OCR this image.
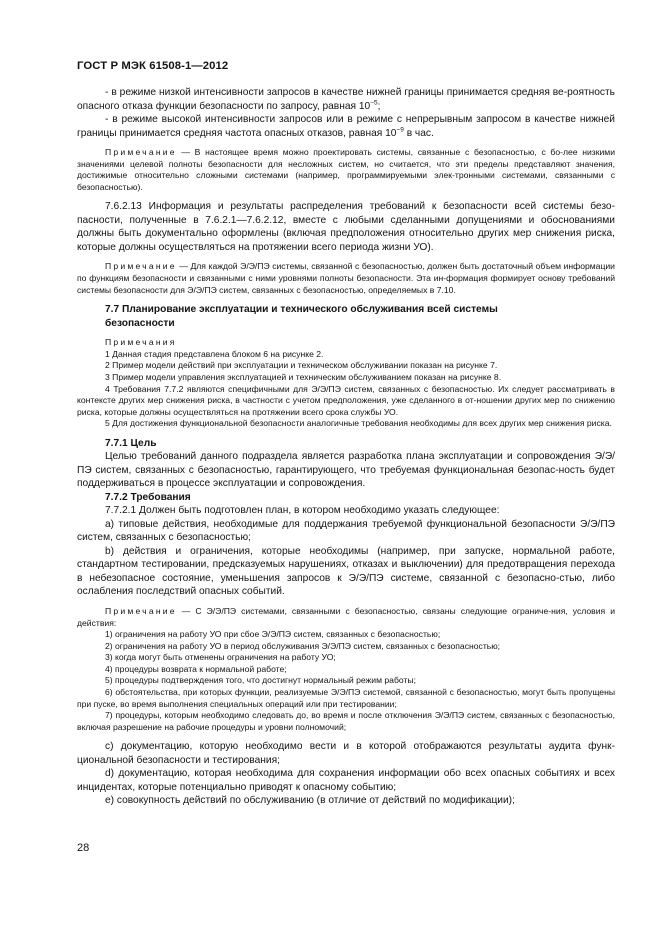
ГОСТ Р МЭК 61508-1—2012

- в режиме низкой интенсивности запросов в качестве нижней границы принимается средняя ве-роятность опасного отказа функции безопасности по запросу, равная $10^{-5}$;

- в режиме высокой интенсивности запросов или в режиме с непрерывным запросом в качестве нижней границы принимается средняя частота опасных отказов, равная $10^{-9}$ в час.

Примечание — В настоящее время можно проектировать системы, связанные с безопасностью, с бо-лее низкими значениями целевой полноты безопасности для несложных систем, но считается, что эти пределы представляют значения, достижимые относительно сложными системами (например, программируемыми элек-тронными системами, связанными с безопасностью).

7.6.2.13 Информация и результаты распределения требований к безопасности всей системы безо-пасности, полученные в 7.6.2.1—7.6.2.12, вместе с любыми сделанными допущениями и обоснованиями должны быть документально оформлены (включая предположения относительно других мер снижения риска, которые должны осуществляться на протяжении всего периода жизни УО).

Примечание — Для каждой Э/Э/ПЭ системы, связанной с безопасностью, должен быть достаточный объем информации по функциям безопасности и связанными с ними уровнями полноты безопасности. Эта ин-формация формирует основу требований системы безопасности для Э/Э/ПЭ систем, связанных с безопасностью, определяемых в 7.10.

7.7 Планирование эксплуатации и технического обслуживания всей системы

безопасности

Примечания

1 Данная стадия представлена блоком 6 на рисунке 2.

2 Пример модели действий при эксплуатации и техническом обслуживании показан на рисунке 7.

3 Пример модели управления эксплуатацией и техническим обслуживанием показан на рисунке 8.

4 Требования 7.7.2 являются специфичными для Э/Э/ПЭ систем, связанных с безопасностью. Их следует рассматривать в контексте других мер снижения риска, в частности с учетом предположения, уже сделанного в от-ношении других мер по снижению риска, которые должны осуществляться на протяжении всего срока службы УО.

5 Для достижения функциональной безопасности аналогичные требования необходимы для всех других мер снижения риска.

7.7.1 Цель

Целью требований данного подраздела является разработка плана эксплуатации и сопровождения Э/Э/ПЭ систем, связанных с безопасностью, гарантирующего, что требуемая функциональная безопас-ность будет поддерживаться в процессе эксплуатации и сопровождения.

7.7.2 Требования

7.7.2.1 Должен быть подготовлен план, в котором необходимо указать следующее:

a) типовые действия, необходимые для поддержания требуемой функциональной безопасности Э/Э/ПЭ систем, связанных с безопасностью;

b) действия и ограничения, которые необходимы (например, при запуске, нормальной работе, стандартном тестировании, предсказуемых нарушениях, отказах и выключении) для предотвращения перехода в небезопасное состояние, уменьшения запросов к Э/Э/ПЭ системе, связанной с безопасно-стью, либо ослабления последствий опасных событий.

Примечание — С Э/Э/ПЭ системами, связанными с безопасностью, связаны следующие ограниче-ния, условия и действия:

1) ограничения на работу УО при сбое Э/Э/ПЭ систем, связанных с безопасностью;

2) ограничения на работу УО в период обслуживания Э/Э/ПЭ систем, связанных с безопасностью;

3) когда могут быть отменены ограничения на работу УО;

4) процедуры возврата к нормальной работе;

5) процедуры подтверждения того, что достигнут нормальный режим работы;

6) обстоятельства, при которых функции, реализуемые Э/Э/ПЭ системой, связанной с безопасностью, могут быть пропущены при пуске, во время выполнения специальных операций или при тестировании;

7) процедуры, которым необходимо следовать до, во время и после отключения Э/Э/ПЭ систем, связанных с безопасностью, включая разрешение на рабочие процедуры и уровни полномочий;

c) документацию, которую необходимо вести и в которой отображаются результаты аудита функ-циональной безопасности и тестирования;

d) документацию, которая необходима для сохранения информации обо всех опасных событиях и всех инцидентах, которые потенциально приводят к опасному событию;

e) совокупность действий по обслуживанию (в отличие от действий по модификации);

28
